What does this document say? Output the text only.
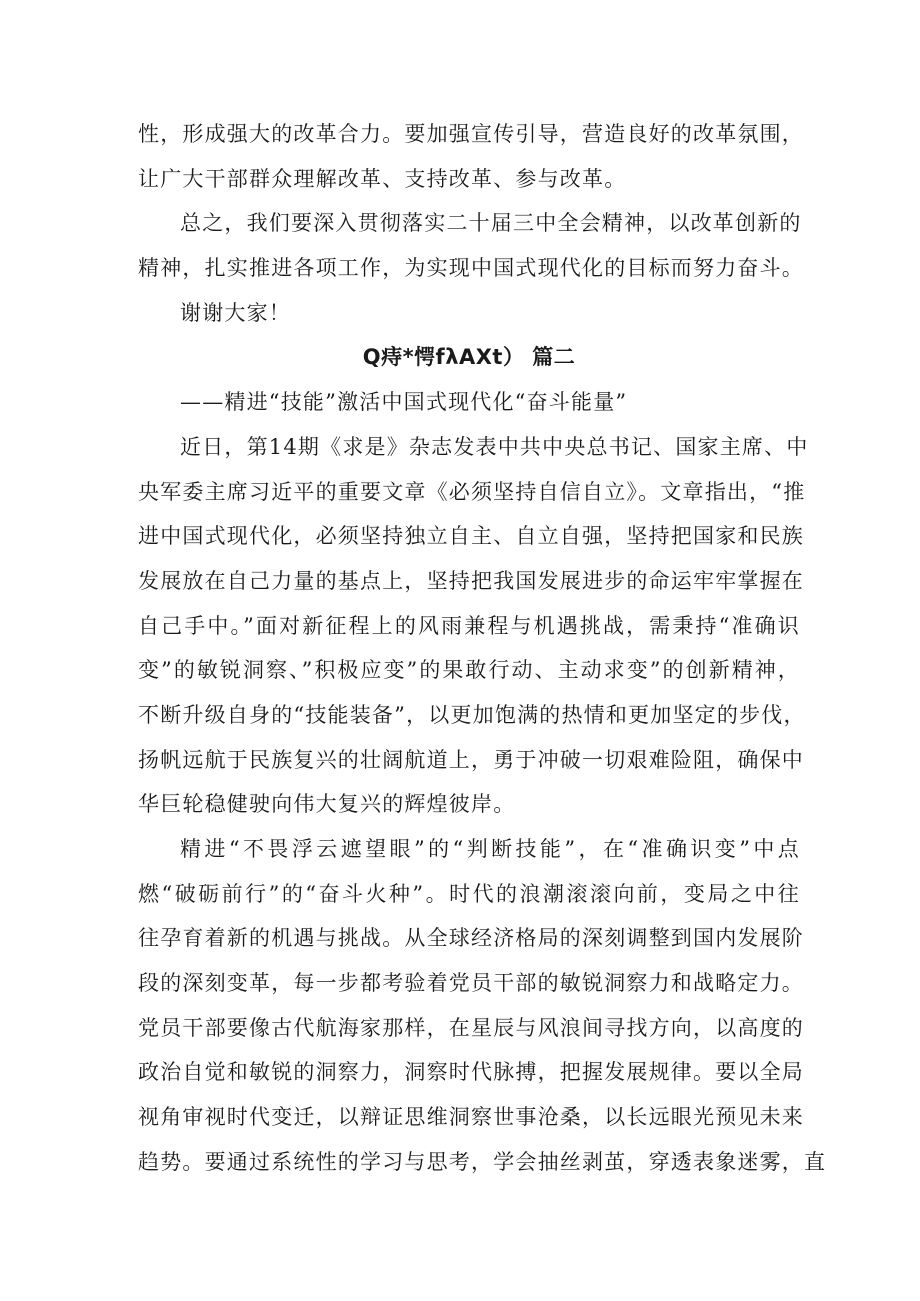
性，形成强大的改革合力。要加强宣传引导，营造良好的改革氛围，
让广大干部群众理解改革、支持改革、参与改革。
总之，我们要深入贯彻落实二十届三中全会精神，以改革创新的
精神，扎实推进各项工作，为实现中国式现代化的目标而努力奋斗。
谢谢大家！
Q痔*愕fλAXt） 篇二
——精进“技能”激活中国式现代化“奋斗能量”
近日，第14期《求是》杂志发表中共中央总书记、国家主席、中
央军委主席习近平的重要文章《必须坚持自信自立》。文章指出，“推
进中国式现代化，必须坚持独立自主、自立自强，坚持把国家和民族
发展放在自己力量的基点上，坚持把我国发展进步的命运牢牢掌握在
自己手中。”面对新征程上的风雨兼程与机遇挑战，需秉持“准确识
变”的敏锐洞察、”积极应变”的果敢行动、主动求变”的创新精神，
不断升级自身的“技能装备”，以更加饱满的热情和更加坚定的步伐，
扬帆远航于民族复兴的壮阔航道上，勇于冲破一切艰难险阻，确保中
华巨轮稳健驶向伟大复兴的辉煌彼岸。
精进“不畏浮云遮望眼”的“判断技能”，在“准确识变”中点
燃“破砺前行”的“奋斗火种”。时代的浪潮滚滚向前，变局之中往
往孕育着新的机遇与挑战。从全球经济格局的深刻调整到国内发展阶
段的深刻变革，每一步都考验着党员干部的敏锐洞察力和战略定力。
党员干部要像古代航海家那样，在星辰与风浪间寻找方向，以高度的
政治自觉和敏锐的洞察力，洞察时代脉搏，把握发展规律。要以全局
视角审视时代变迁，以辩证思维洞察世事沧桑，以长远眼光预见未来
趋势。要通过系统性的学习与思考，学会抽丝剥茧，穿透表象迷雾，直
